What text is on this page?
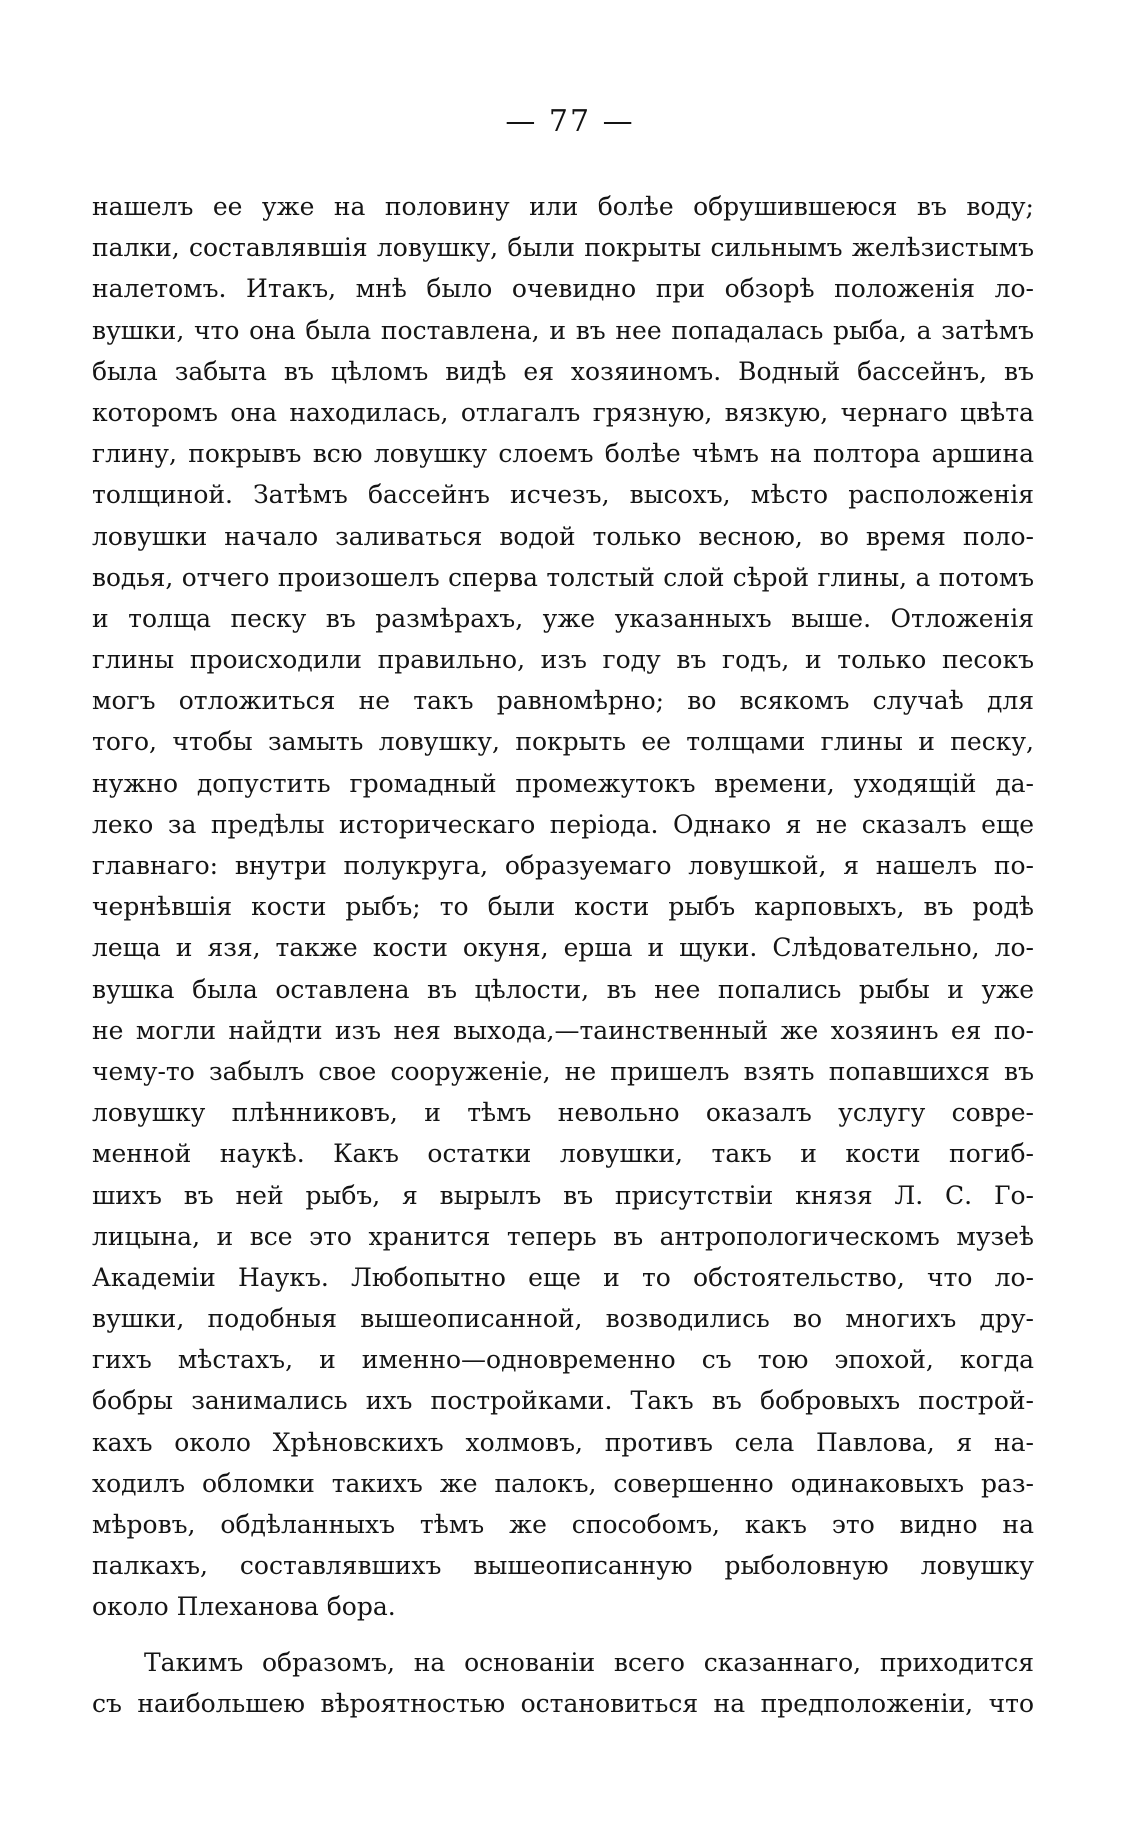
— 77 —
нашелъ ее уже на половину или болѣе обрушившеюся въ воду;
палки, составлявшія ловушку, были покрыты сильнымъ желѣзистымъ
налетомъ. Итакъ, мнѣ было очевидно при обзорѣ положенія ло-
вушки, что она была поставлена, и въ нее попадалась рыба, а затѣмъ
была забыта въ цѣломъ видѣ ея хозяиномъ. Водный бассейнъ, въ
которомъ она находилась, отлагалъ грязную, вязкую, чернаго цвѣта
глину, покрывъ всю ловушку слоемъ болѣе чѣмъ на полтора аршина
толщиной. Затѣмъ бассейнъ исчезъ, высохъ, мѣсто расположенія
ловушки начало заливаться водой только весною, во время поло-
водья, отчего произошелъ сперва толстый слой сѣрой глины, а потомъ
и толща песку въ размѣрахъ, уже указанныхъ выше. Отложенія
глины происходили правильно, изъ году въ годъ, и только песокъ
могъ отложиться не такъ равномѣрно; во всякомъ случаѣ для
того, чтобы замыть ловушку, покрыть ее толщами глины и песку,
нужно допустить громадный промежутокъ времени, уходящій да-
леко за предѣлы историческаго періода. Однако я не сказалъ еще
главнаго: внутри полукруга, образуемаго ловушкой, я нашелъ по-
чернѣвшія кости рыбъ; то были кости рыбъ карповыхъ, въ родѣ
леща и язя, также кости окуня, ерша и щуки. Слѣдовательно, ло-
вушка была оставлена въ цѣлости, въ нее попались рыбы и уже
не могли найдти изъ нея выхода,—таинственный же хозяинъ ея по-
чему-то забылъ свое сооруженіе, не пришелъ взять попавшихся въ
ловушку плѣнниковъ, и тѣмъ невольно оказалъ услугу совре-
менной наукѣ. Какъ остатки ловушки, такъ и кости погиб-
шихъ въ ней рыбъ, я вырылъ въ присутствіи князя Л. С. Го-
лицына, и все это хранится теперь въ антропологическомъ музеѣ
Академіи Наукъ. Любопытно еще и то обстоятельство, что ло-
вушки, подобныя вышеописанной, возводились во многихъ дру-
гихъ мѣстахъ, и именно—одновременно съ тою эпохой, когда
бобры занимались ихъ постройками. Такъ въ бобровыхъ построй-
кахъ около Хрѣновскихъ холмовъ, противъ села Павлова, я на-
ходилъ обломки такихъ же палокъ, совершенно одинаковыхъ раз-
мѣровъ, обдѣланныхъ тѣмъ же способомъ, какъ это видно на
палкахъ, составлявшихъ вышеописанную рыболовную ловушку
около Плеханова бора.
Такимъ образомъ, на основаніи всего сказаннаго, приходится
съ наибольшею вѣроятностью остановиться на предположеніи, что
